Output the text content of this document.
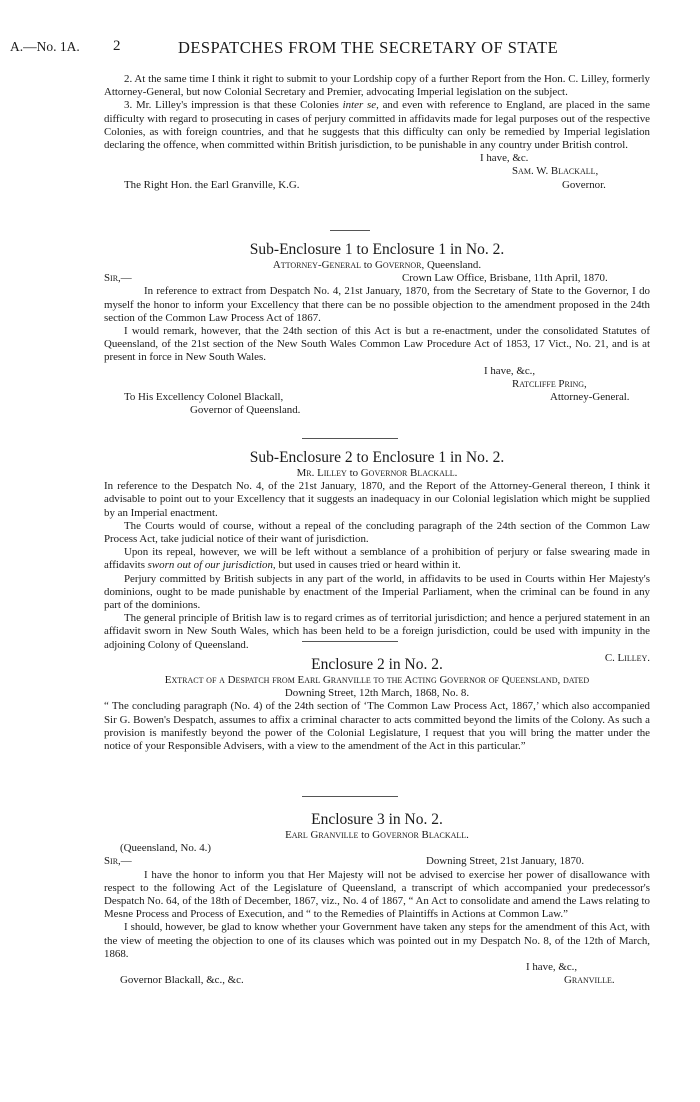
A.—No. 1A. 2	DESPATCHES FROM THE SECRETARY OF STATE

2. At the same time I think it right to submit to your Lordship copy of a further Report from the Hon. C. Lilley, formerly Attorney-General, but now Colonial Secretary and Premier, advocating Imperial legislation on the subject.

3. Mr. Lilley's impression is that these Colonies inter se, and even with reference to England, are placed in the same difficulty with regard to prosecuting in cases of perjury committed in affidavits made for legal purposes out of the respective Colonies, as with foreign countries, and that he suggests that this difficulty can only be remedied by Imperial legislation declaring the offence, when committed within British jurisdiction, to be punishable in any country under British control.

I have, &c.
Sam. W. Blackall,
The Right Hon. the Earl Granville, K.G.	Governor.

Sub-Enclosure 1 to Enclosure 1 in No. 2.

Attorney-General to Governor, Queensland.

Sir,—	Crown Law Office, Brisbane, 11th April, 1870.

In reference to extract from Despatch No. 4, 21st January, 1870, from the Secretary of State to the Governor, I do myself the honor to inform your Excellency that there can be no possible objection to the amendment proposed in the 24th section of the Common Law Process Act of 1867.

I would remark, however, that the 24th section of this Act is but a re-enactment, under the consolidated Statutes of Queensland, of the 21st section of the New South Wales Common Law Procedure Act of 1853, 17 Vict., No. 21, and is at present in force in New South Wales.

I have, &c.,
Ratcliffe Pring,
To His Excellency Colonel Blackall,	Attorney-General.
Governor of Queensland.

Sub-Enclosure 2 to Enclosure 1 in No. 2.

Mr. Lilley to Governor Blackall.

In reference to the Despatch No. 4, of the 21st January, 1870, and the Report of the Attorney-General thereon, I think it advisable to point out to your Excellency that it suggests an inadequacy in our Colonial legislation which might be supplied by an Imperial enactment.

The Courts would of course, without a repeal of the concluding paragraph of the 24th section of the Common Law Process Act, take judicial notice of their want of jurisdiction.

Upon its repeal, however, we will be left without a semblance of a prohibition of perjury or false swearing made in affidavits sworn out of our jurisdiction, but used in causes tried or heard within it.

Perjury committed by British subjects in any part of the world, in affidavits to be used in Courts within Her Majesty's dominions, ought to be made punishable by enactment of the Imperial Parliament, when the criminal can be found in any part of the dominions.

The general principle of British law is to regard crimes as of territorial jurisdiction; and hence a perjured statement in an affidavit sworn in New South Wales, which has been held to be a foreign jurisdiction, could be used with impunity in the adjoining Colony of Queensland.

C. Lilley.

Enclosure 2 in No. 2.

Extract of a Despatch from Earl Granville to the Acting Governor of Queensland, dated

Downing Street, 12th March, 1868, No. 8.

“ The concluding paragraph (No. 4) of the 24th section of ‘The Common Law Process Act, 1867,’ which also accompanied Sir G. Bowen's Despatch, assumes to affix a criminal character to acts committed beyond the limits of the Colony. As such a provision is manifestly beyond the power of the Colonial Legislature, I request that you will bring the matter under the notice of your Responsible Advisers, with a view to the amendment of the Act in this particular.”

Enclosure 3 in No. 2.

Earl Granville to Governor Blackall.

(Queensland, No. 4.)
Sir,—	Downing Street, 21st January, 1870.

I have the honor to inform you that Her Majesty will not be advised to exercise her power of disallowance with respect to the following Act of the Legislature of Queensland, a transcript of which accompanied your predecessor's Despatch No. 64, of the 18th of December, 1867, viz., No. 4 of 1867, “ An Act to consolidate and amend the Laws relating to Mesne Process and Process of Execution, and “ to the Remedies of Plaintiffs in Actions at Common Law.”

I should, however, be glad to know whether your Government have taken any steps for the amendment of this Act, with the view of meeting the objection to one of its clauses which was pointed out in my Despatch No. 8, of the 12th of March, 1868.

I have, &c.,
Governor Blackall, &c., &c.	Granville.
